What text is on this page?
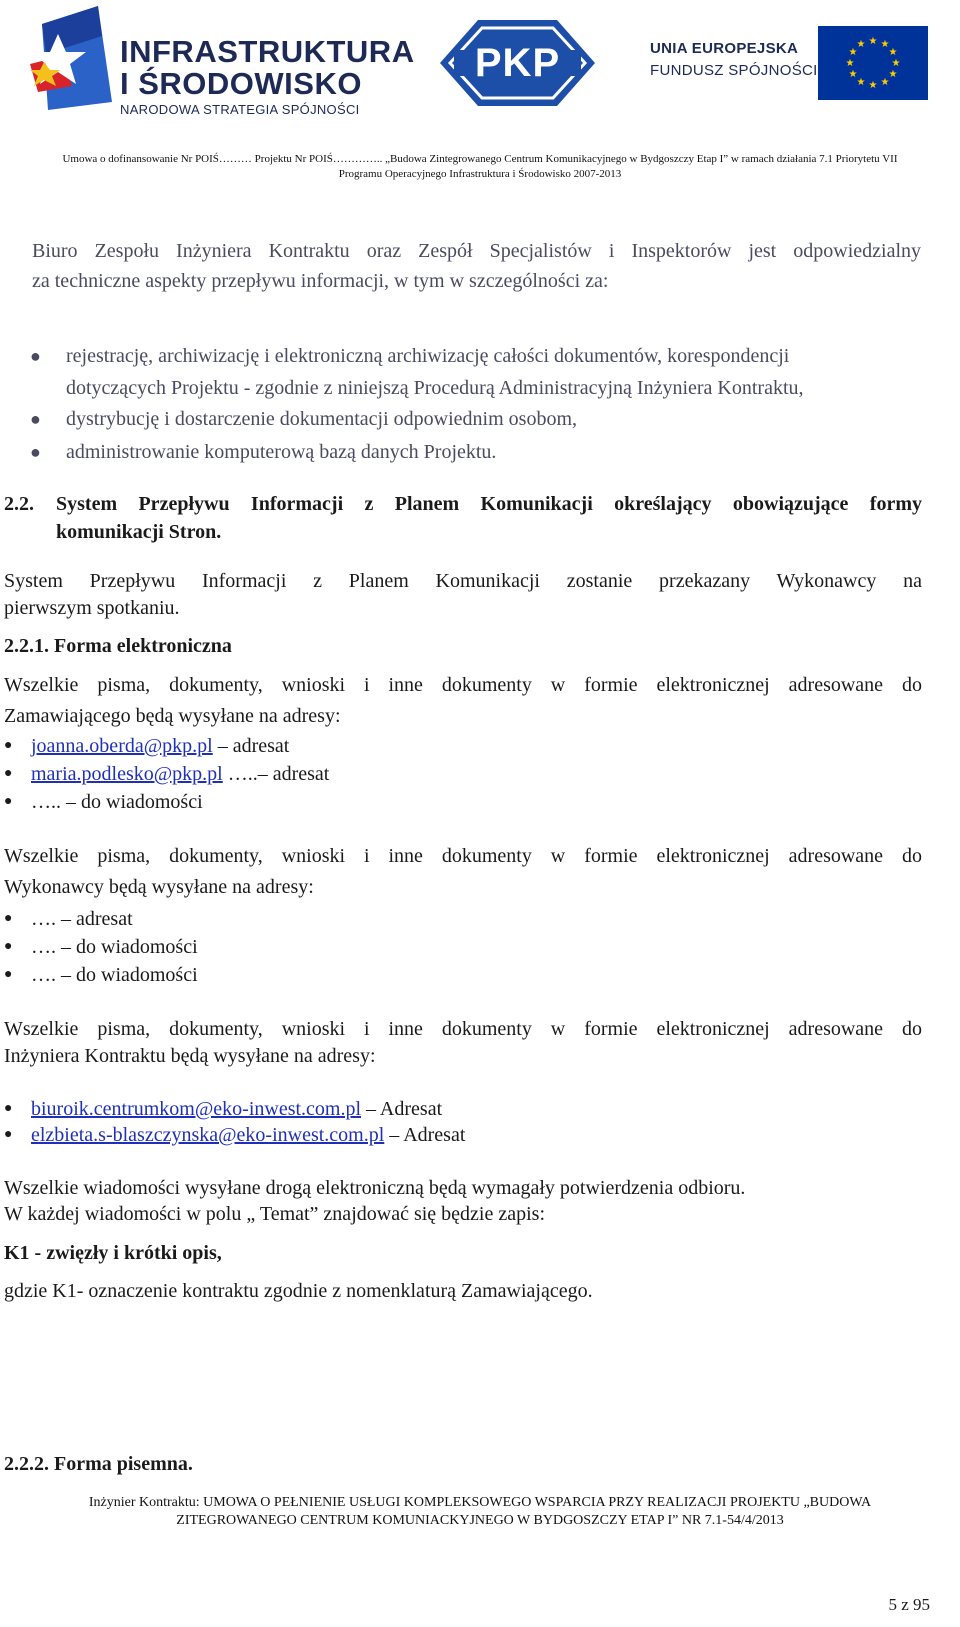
INFRASTRUKTURA
I ŚRODOWISKO
NARODOWA STRATEGIA SPÓJNOŚCI
PKP	UNIA EUROPEJSKA
FUNDUSZ SPÓJNOŚCI
★ ★
★
★
★
★
★
★
★
★
★
★
Umowa o dofinansowanie Nr POIŚ……… Projektu Nr POIŚ………….. „Budowa Zintegrowanego Centrum Komunikacyjnego w Bydgoszczy Etap I” w ramach działania 7.1 Priorytetu VII
Programu Operacyjnego Infrastruktura i Środowisko 2007-2013
Biuro Zespołu Inżyniera Kontraktu oraz Zespół Specjalistów i Inspektorów jest odpowiedzialny
za techniczne aspekty przepływu informacji, w tym w szczególności za:
● rejestrację, archiwizację i elektroniczną archiwizację całości dokumentów, korespondencji
dotyczących Projektu - zgodnie z niniejszą Procedurą Administracyjną Inżyniera Kontraktu,
● dystrybucję i dostarczenie dokumentacji odpowiednim osobom,
● administrowanie komputerową bazą danych Projektu.
2.2. System Przepływu Informacji z Planem Komunikacji określający obowiązujące formy
komunikacji Stron.
System Przepływu Informacji z Planem Komunikacji zostanie przekazany Wykonawcy na
pierwszym spotkaniu.
2.2.1. Forma elektroniczna
Wszelkie pisma, dokumenty, wnioski i inne dokumenty w formie elektronicznej adresowane do
Zamawiającego będą wysyłane na adresy:
● joanna.oberda@pkp.pl – adresat
● maria.podlesko@pkp.pl …..– adresat
● ….. – do wiadomości
Wszelkie pisma, dokumenty, wnioski i inne dokumenty w formie elektronicznej adresowane do
Wykonawcy będą wysyłane na adresy:
● …. – adresat
● …. – do wiadomości
● …. – do wiadomości
Wszelkie pisma, dokumenty, wnioski i inne dokumenty w formie elektronicznej adresowane do
Inżyniera Kontraktu będą wysyłane na adresy:
● biuroik.centrumkom@eko-inwest.com.pl – Adresat
● elzbieta.s-blaszczynska@eko-inwest.com.pl – Adresat
Wszelkie wiadomości wysyłane drogą elektroniczną będą wymagały potwierdzenia odbioru.
W każdej wiadomości w polu „ Temat” znajdować się będzie zapis:
K1 - zwięzły i krótki opis,
gdzie K1- oznaczenie kontraktu zgodnie z nomenklaturą Zamawiającego.
2.2.2. Forma pisemna.
Inżynier Kontraktu: UMOWA O PEŁNIENIE USŁUGI KOMPLEKSOWEGO WSPARCIA PRZY REALIZACJI PROJEKTU „BUDOWA
ZITEGROWANEGO CENTRUM KOMUNIACKYJNEGO W BYDGOSZCZY ETAP I” NR 7.1-54/4/2013
5 z 95
